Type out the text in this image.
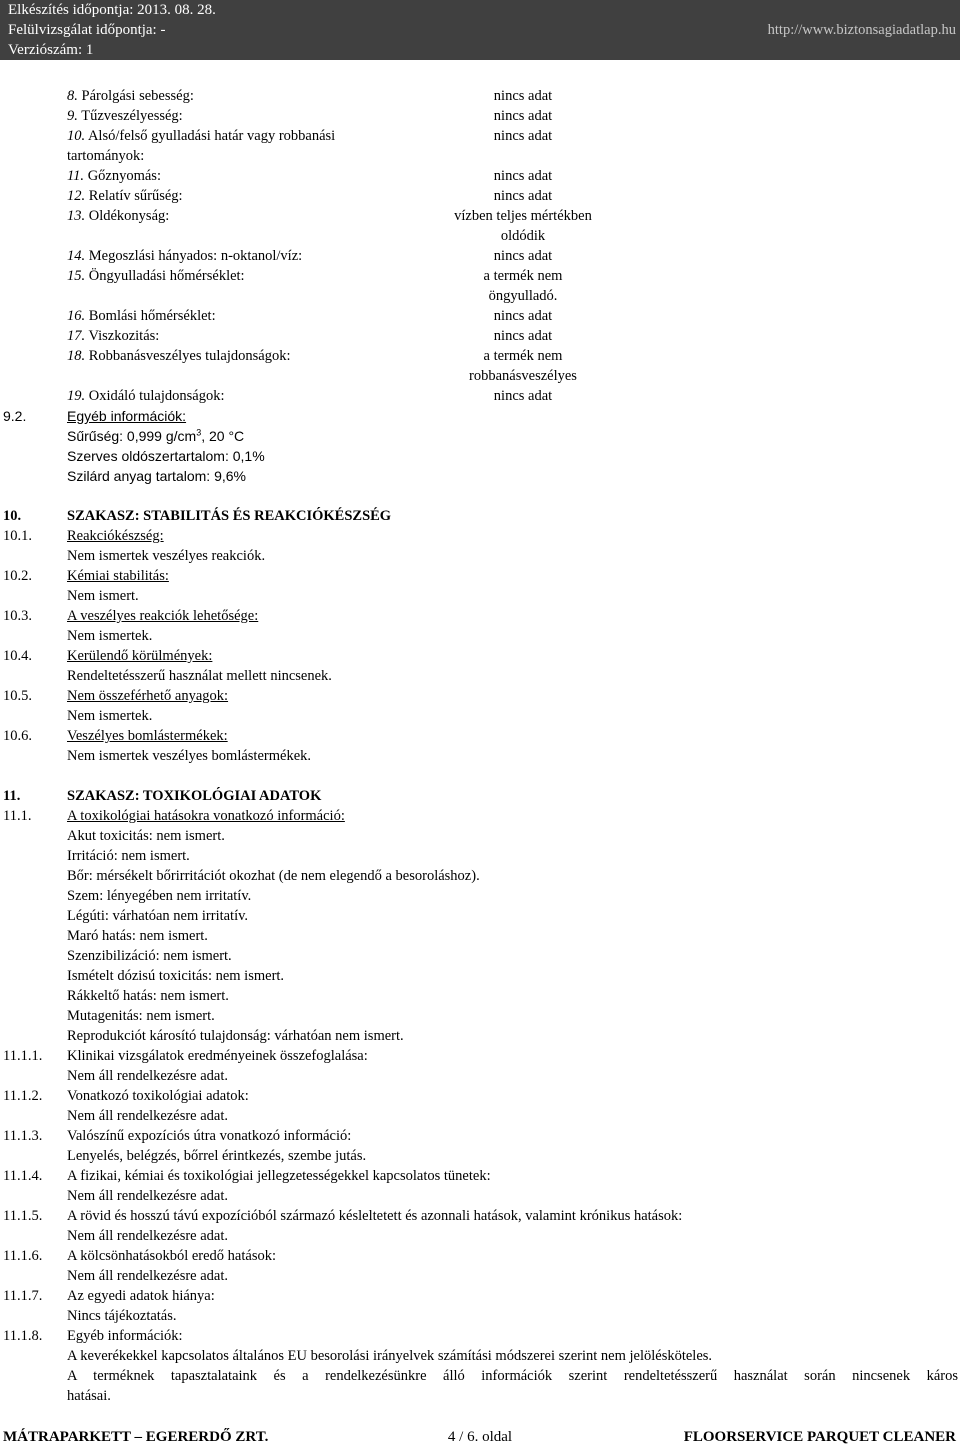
Elkészítés időpontja: 2013. 08. 28.
Felülvizsgálat időpontja: -
Verziószám: 1
http://www.biztonsagiadatlap.hu
8. Párolgási sebesség:	nincs adat
9. Tűzveszélyesség:	nincs adat
10. Alsó/felső gyulladási határ vagy robbanási	nincs adat
tartományok:
11. Gőznyomás:	nincs adat
12. Relatív sűrűség:	nincs adat
13. Oldékonyság:	vízben teljes mértékben
oldódik
14. Megoszlási hányados: n-oktanol/víz:	nincs adat
15. Öngyulladási hőmérséklet:	a termék nem
öngyulladó.
16. Bomlási hőmérséklet:	nincs adat
17. Viszkozitás:	nincs adat
18. Robbanásveszélyes tulajdonságok:	a termék nem
robbanásveszélyes
19. Oxidáló tulajdonságok:	nincs adat
9.2.	Egyéb információk:
Sűrűség: 0,999 $g/cm^3$, 20 °C
Szerves oldószertartalom: 0,1%
Szilárd anyag tartalom: 9,6%
10.	SZAKASZ: STABILITÁS ÉS REAKCIÓKÉSZSÉG
10.1. Reakciókészség:
Nem ismertek veszélyes reakciók.
10.2. Kémiai stabilitás:
Nem ismert.
10.3. A veszélyes reakciók lehetősége:
Nem ismertek.
10.4. Kerülendő körülmények:
Rendeltetésszerű használat mellett nincsenek.
10.5. Nem összeférhető anyagok:
Nem ismertek.
10.6. Veszélyes bomlástermékek:
Nem ismertek veszélyes bomlástermékek.
11.	SZAKASZ: TOXIKOLÓGIAI ADATOK
11.1. A toxikológiai hatásokra vonatkozó információ:
Akut toxicitás: nem ismert.
Irritáció: nem ismert.
Bőr: mérsékelt bőrirritációt okozhat (de nem elegendő a besoroláshoz).
Szem: lényegében nem irritatív.
Légúti: várhatóan nem irritatív.
Maró hatás: nem ismert.
Szenzibilizáció: nem ismert.
Ismételt dózisú toxicitás: nem ismert.
Rákkeltő hatás: nem ismert.
Mutagenitás: nem ismert.
Reprodukciót károsító tulajdonság: várhatóan nem ismert.
11.1.1. Klinikai vizsgálatok eredményeinek összefoglalása:
Nem áll rendelkezésre adat.
11.1.2. Vonatkozó toxikológiai adatok:
Nem áll rendelkezésre adat.
11.1.3. Valószínű expozíciós útra vonatkozó információ:
Lenyelés, belégzés, bőrrel érintkezés, szembe jutás.
11.1.4. A fizikai, kémiai és toxikológiai jellegzetességekkel kapcsolatos tünetek:
Nem áll rendelkezésre adat.
11.1.5. A rövid és hosszú távú expozícióból származó késleltetett és azonnali hatások, valamint krónikus hatások:
Nem áll rendelkezésre adat.
11.1.6. A kölcsönhatásokból eredő hatások:
Nem áll rendelkezésre adat.
11.1.7. Az egyedi adatok hiánya:
Nincs tájékoztatás.
11.1.8. Egyéb információk:
A keverékekkel kapcsolatos általános EU besorolási irányelvek számítási módszerei szerint nem jelölésköteles.
A terméknek tapasztalataink és a rendelkezésünkre álló információk szerint rendeltetésszerű használat során nincsenek káros
hatásai.
MÁTRAPARKETT – EGERERDŐ ZRT.	4 / 6. oldal	FLOORSERVICE PARQUET CLEANER
